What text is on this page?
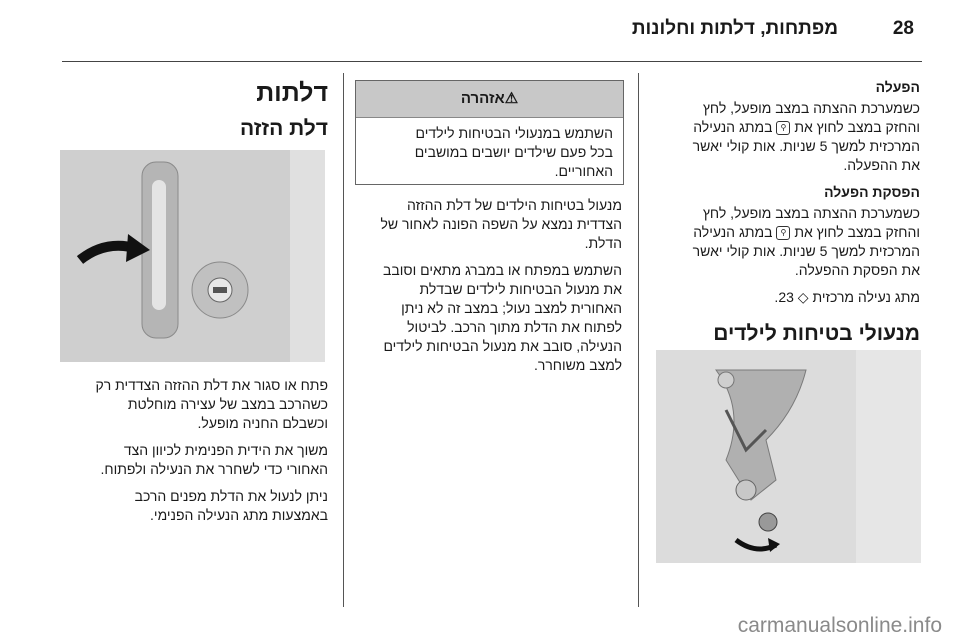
28
מפתחות, דלתות וחלונות
הפעלה

כשמערכת ההצתה במצב מופעל, לחץ
והחזק במצב לחוץ את ⚲ במתג הנעילה
המרכזית למשך 5 שניות. אות קולי יאשר
את ההפעלה.

הפסקת הפעלה

כשמערכת ההצתה במצב מופעל, לחץ
והחזק במצב לחוץ את ⚲ במתג הנעילה
המרכזית למשך 5 שניות. אות קולי יאשר
את הפסקת ההפעלה.

מתג נעילה מרכזית ◇ 23.

מנעולי בטיחות לילדים
⚠אזהרה
השתמש במנעולי הבטיחות לילדים
בכל פעם שילדים יושבים במושבים
האחוריים.

מנעול בטיחות הילדים של דלת ההזזה
הצדדית נמצא על השפה הפונה לאחור של
הדלת.

השתמש במפתח או במברג מתאים וסובב
את מנעול הבטיחות לילדים שבדלת
האחורית למצב נעול; במצב זה לא ניתן
לפתוח את הדלת מתוך הרכב. לביטול
הנעילה, סובב את מנעול הבטיחות לילדים
למצב משוחרר.

דלתות
דלת הזזה

פתח או סגור את דלת ההזזה הצדדית רק
כשהרכב במצב של עצירה מוחלטת
וכשבלם החניה מופעל.

משוך את הידית הפנימית לכיוון הצד
האחורי כדי לשחרר את הנעילה ולפתוח.

ניתן לנעול את הדלת מפנים הרכב
באמצעות מתג הנעילה הפנימי.

carmanualsonline.info
